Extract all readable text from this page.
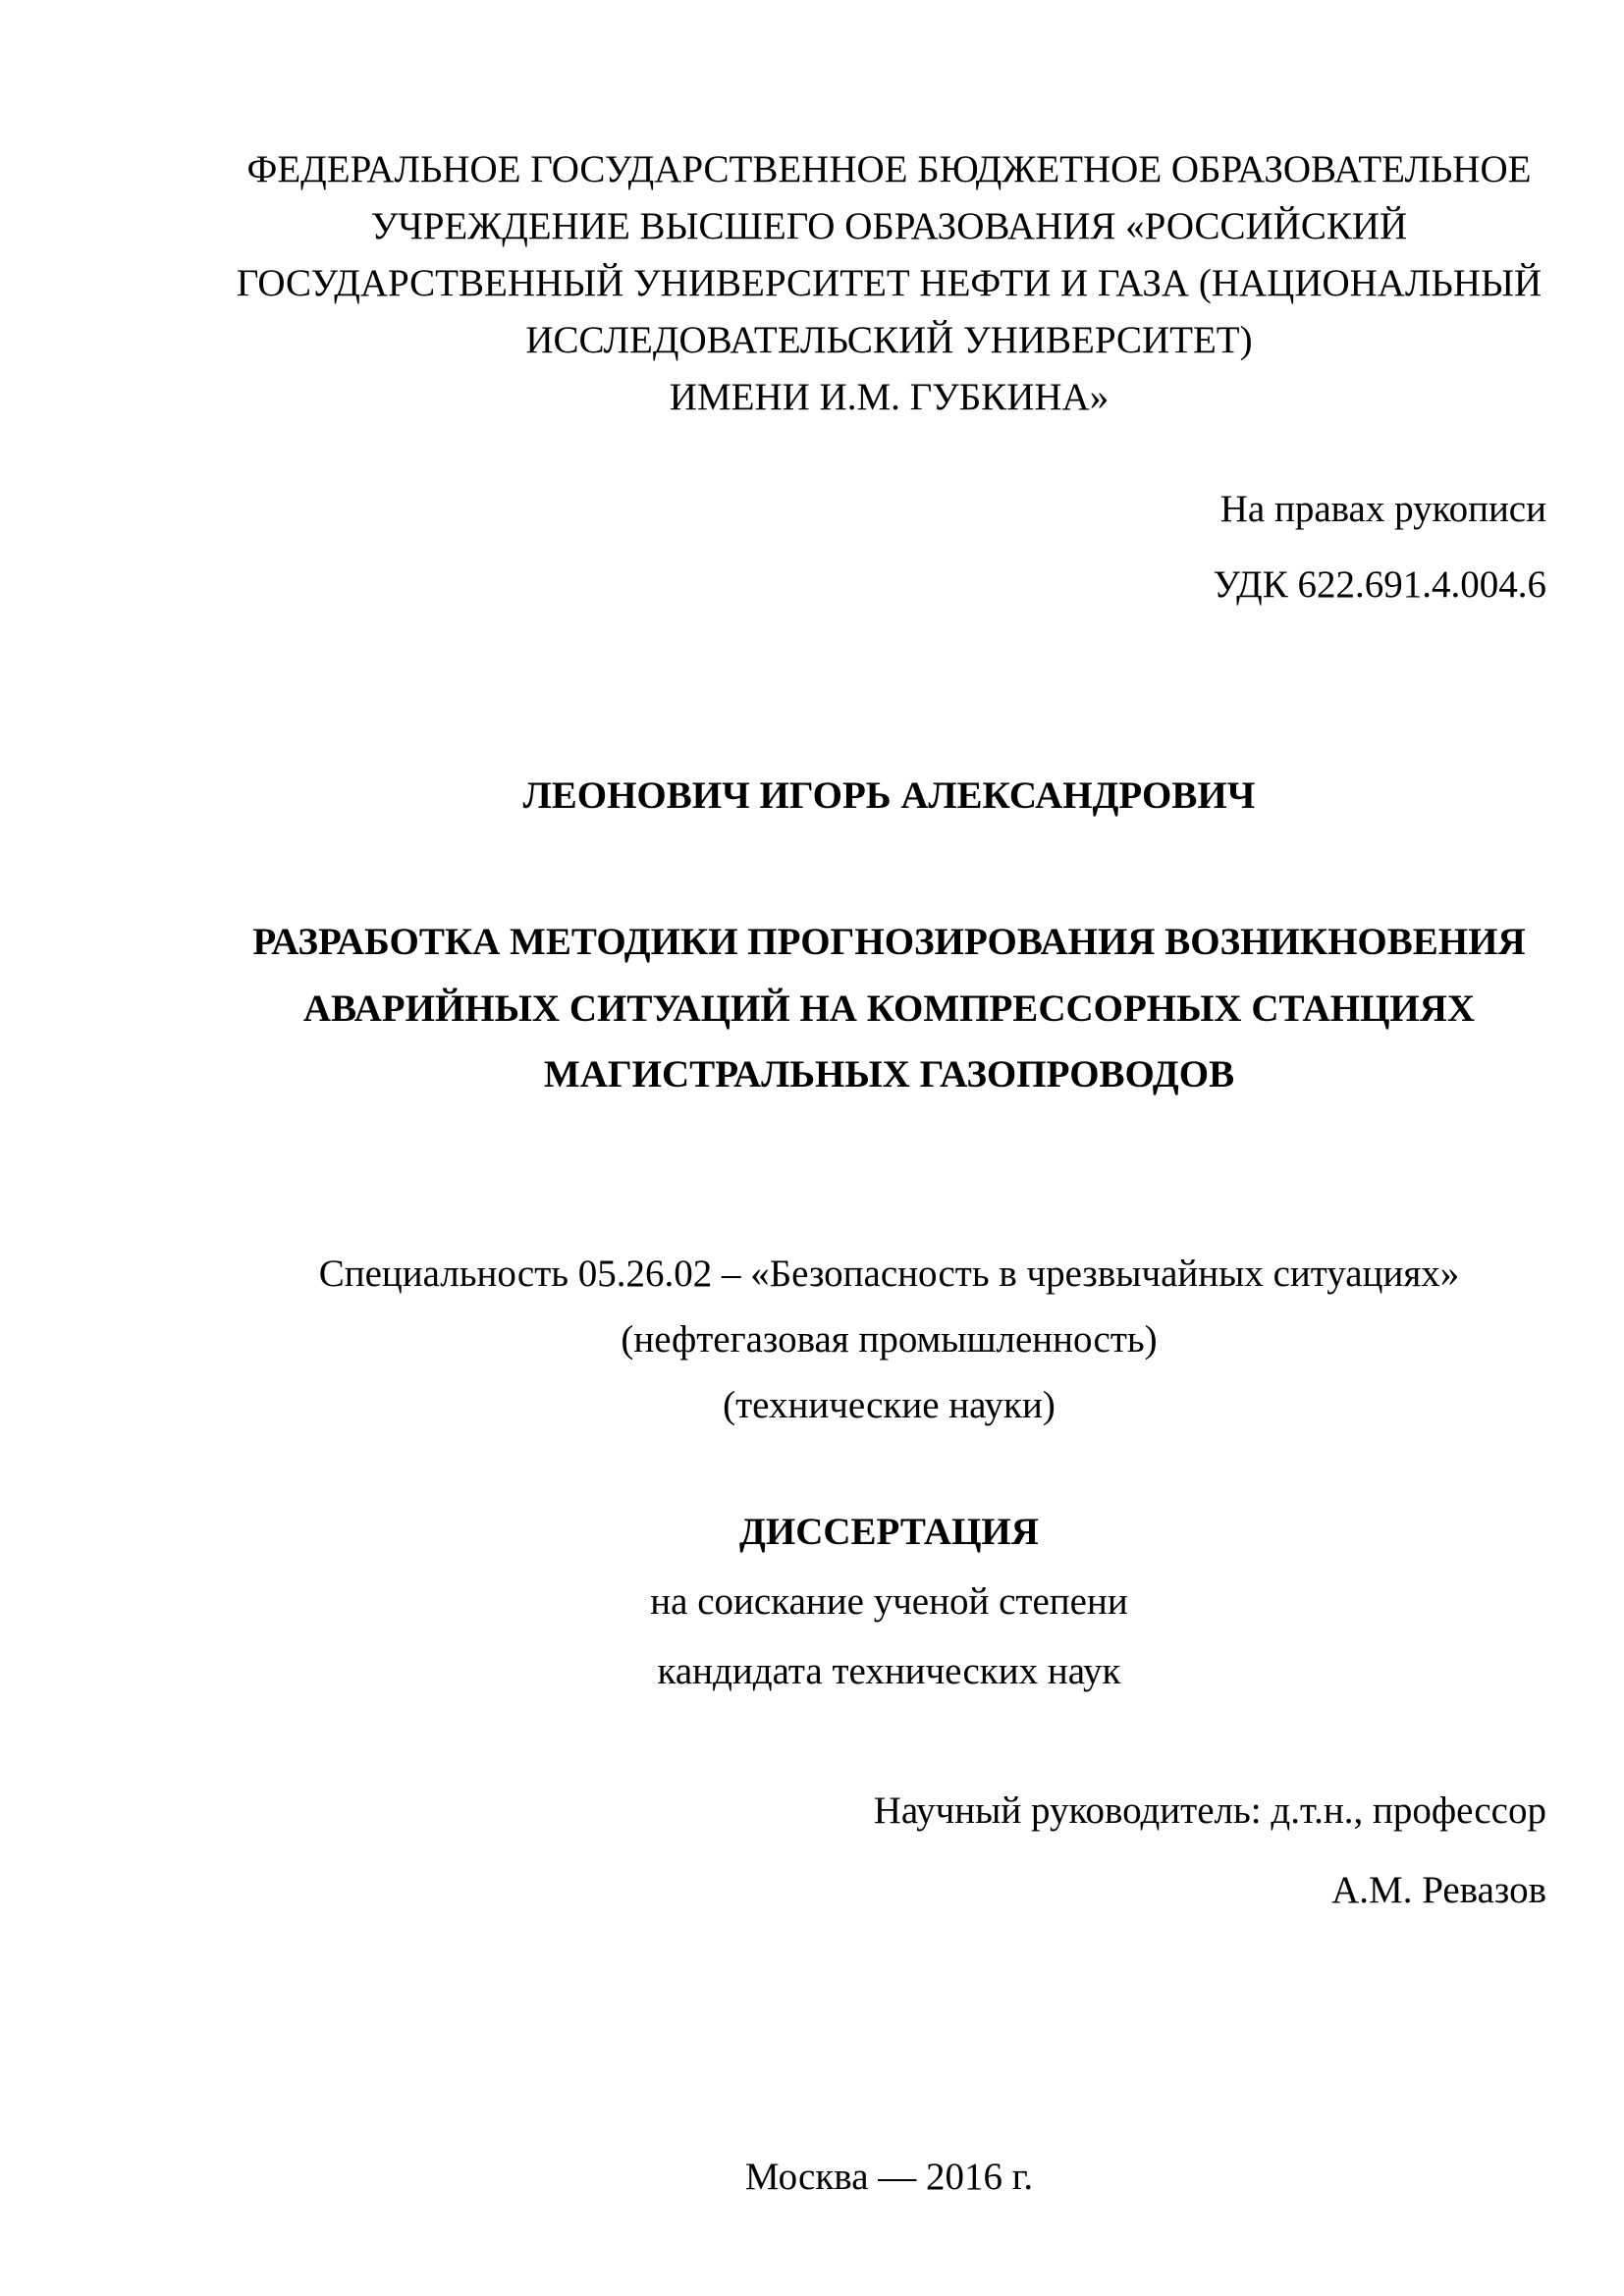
ФЕДЕРАЛЬНОЕ ГОСУДАРСТВЕННОЕ БЮДЖЕТНОЕ ОБРАЗОВАТЕЛЬНОЕ
УЧРЕЖДЕНИЕ ВЫСШЕГО ОБРАЗОВАНИЯ «РОССИЙСКИЙ
ГОСУДАРСТВЕННЫЙ УНИВЕРСИТЕТ НЕФТИ И ГАЗА (НАЦИОНАЛЬНЫЙ
ИССЛЕДОВАТЕЛЬСКИЙ УНИВЕРСИТЕТ)
ИМЕНИ И.М. ГУБКИНА»
На правах рукописи
УДК 622.691.4.004.6
ЛЕОНОВИЧ ИГОРЬ АЛЕКСАНДРОВИЧ
РАЗРАБОТКА МЕТОДИКИ ПРОГНОЗИРОВАНИЯ ВОЗНИКНОВЕНИЯ
АВАРИЙНЫХ СИТУАЦИЙ НА КОМПРЕССОРНЫХ СТАНЦИЯХ
МАГИСТРАЛЬНЫХ ГАЗОПРОВОДОВ
Специальность 05.26.02 – «Безопасность в чрезвычайных ситуациях»
(нефтегазовая промышленность)
(технические науки)
ДИССЕРТАЦИЯ
на соискание ученой степени
кандидата технических наук
Научный руководитель: д.т.н., профессор
А.М. Ревазов
Москва — 2016 г.
